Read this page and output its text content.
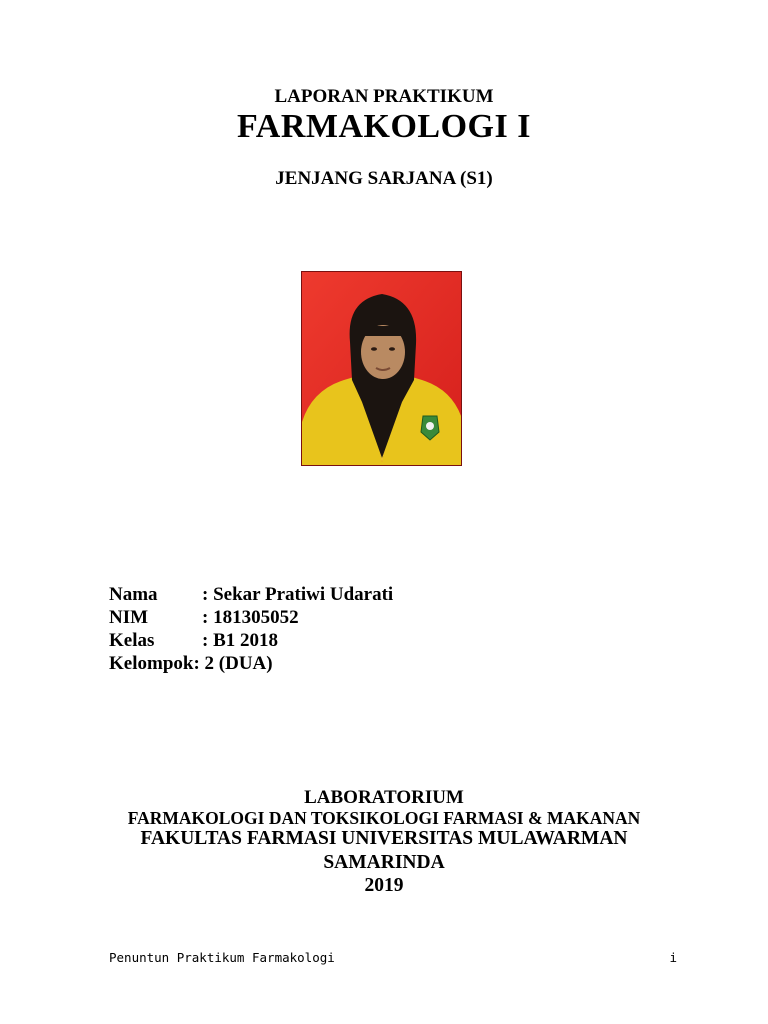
LAPORAN PRAKTIKUM
FARMAKOLOGI I
JENJANG SARJANA (S1)
Nama	: Sekar Pratiwi Udarati
NIM	: 181305052
Kelas	: B1 2018
Kelompok : 2 (DUA)
LABORATORIUM
FARMAKOLOGI DAN TOKSIKOLOGI FARMASI & MAKANAN
FAKULTAS FARMASI UNIVERSITAS MULAWARMAN
SAMARINDA
2019
Penuntun Praktikum Farmakologi	i
